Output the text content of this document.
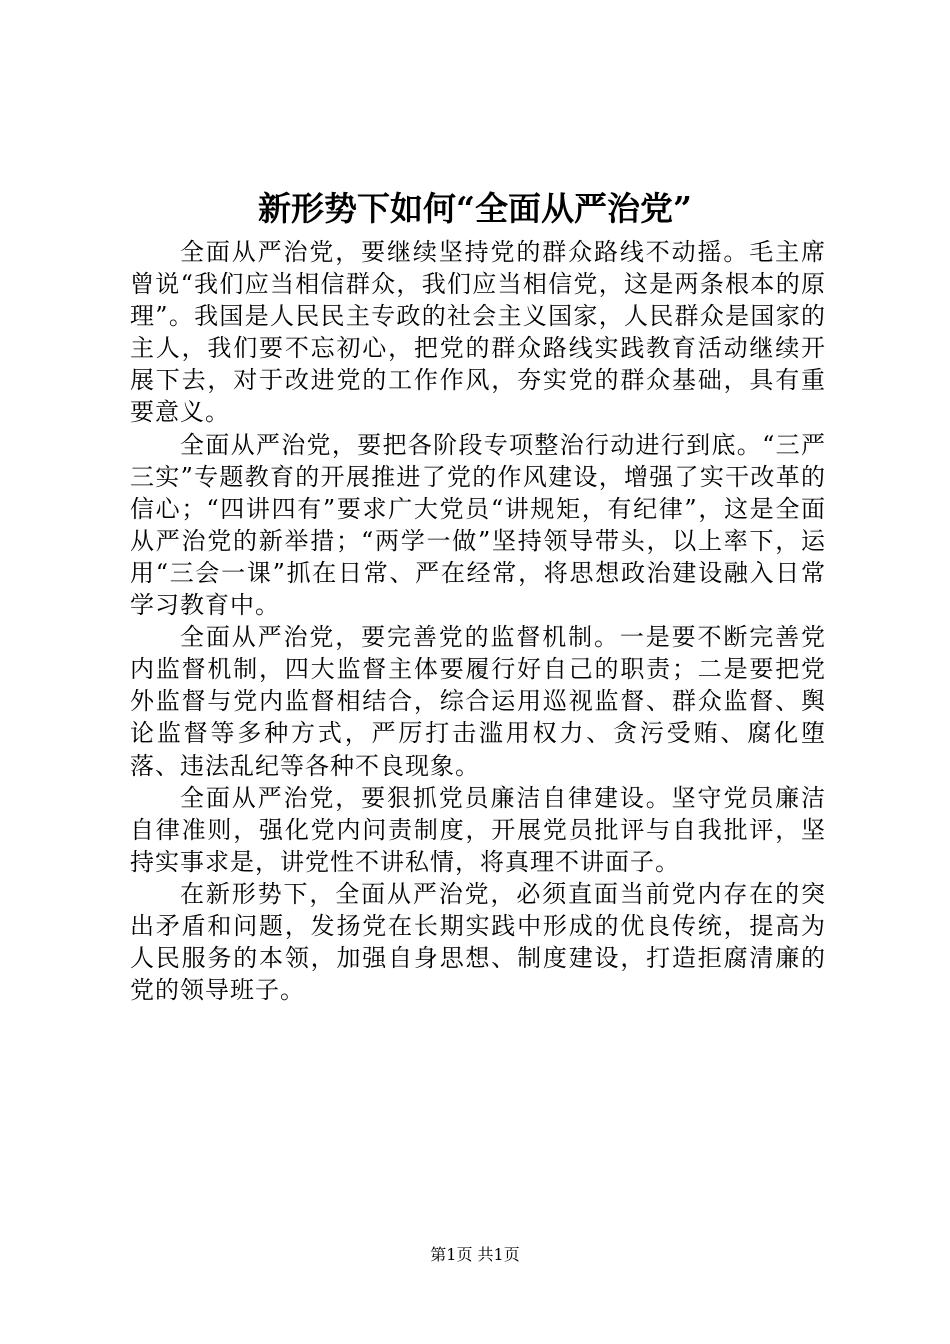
新形势下如何“全面从严治党”

全面从严治党，要继续坚持党的群众路线不动摇。毛主席曾说“我们应当相信群众，我们应当相信党，这是两条根本的原理”。我国是人民民主专政的社会主义国家，人民群众是国家的主人，我们要不忘初心，把党的群众路线实践教育活动继续开展下去，对于改进党的工作作风，夯实党的群众基础，具有重要意义。

全面从严治党，要把各阶段专项整治行动进行到底。“三严三实”专题教育的开展推进了党的作风建设，增强了实干改革的信心；“四讲四有”要求广大党员“讲规矩，有纪律”，这是全面从严治党的新举措；“两学一做”坚持领导带头，以上率下，运用“三会一课”抓在日常、严在经常，将思想政治建设融入日常学习教育中。

全面从严治党，要完善党的监督机制。一是要不断完善党内监督机制，四大监督主体要履行好自己的职责；二是要把党外监督与党内监督相结合，综合运用巡视监督、群众监督、舆论监督等多种方式，严厉打击滥用权力、贪污受贿、腐化堕落、违法乱纪等各种不良现象。

全面从严治党，要狠抓党员廉洁自律建设。坚守党员廉洁自律准则，强化党内问责制度，开展党员批评与自我批评，坚持实事求是，讲党性不讲私情，将真理不讲面子。

在新形势下，全面从严治党，必须直面当前党内存在的突出矛盾和问题，发扬党在长期实践中形成的优良传统，提高为人民服务的本领，加强自身思想、制度建设，打造拒腐清廉的党的领导班子。

第1页 共1页
